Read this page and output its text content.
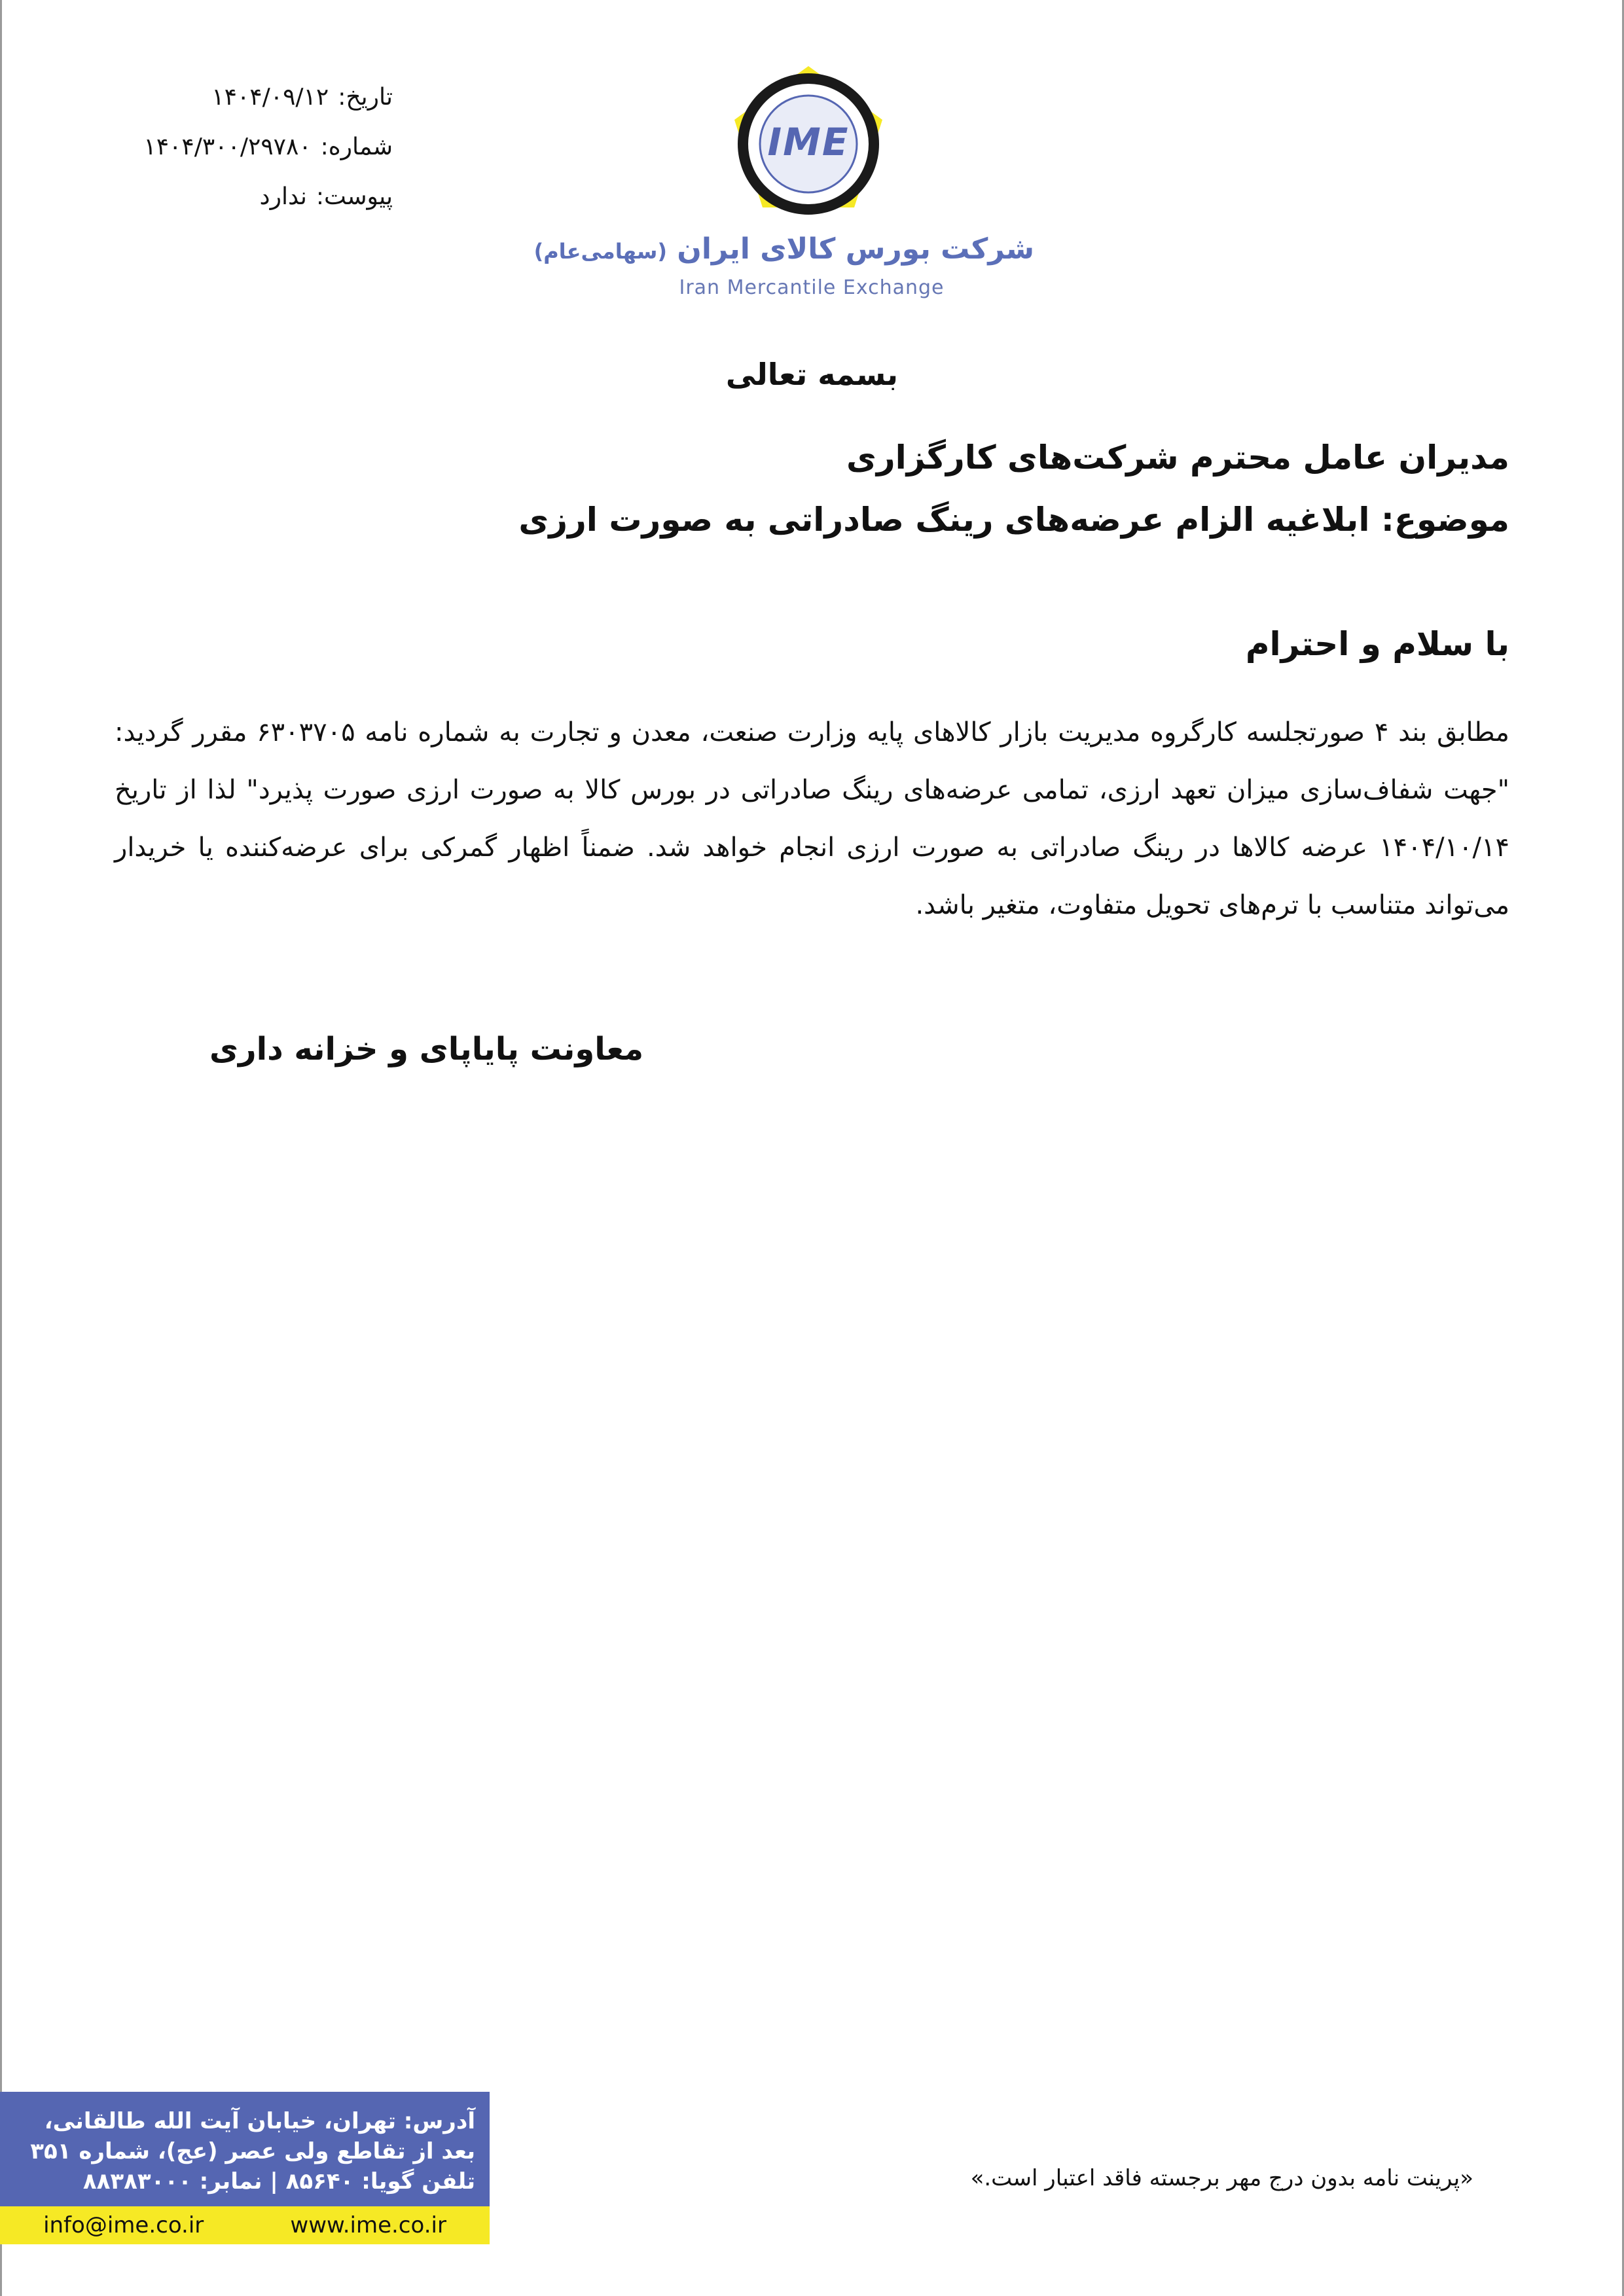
تاریخ:
۱۴۰۴/۰۹/۱۲
شماره:
۱۴۰۴/۳۰۰/۲۹۷۸۰
پیوست:
ندارد
IME
شرکت بورس کالای ایران (سهامی‌عام)
Iran Mercantile Exchange
بسمه تعالی
مدیران عامل محترم شرکت‌های کارگزاری
موضوع: ابلاغیه الزام عرضه‌های رینگ صادراتی به صورت ارزی
با سلام و احترام
مطابق بند ۴ صورتجلسه کارگروه مدیریت بازار کالاهای پایه وزارت صنعت، معدن و تجارت به شماره نامه ۶۳۰۳۷۰۵ مقرر گردید: "جهت شفاف‌سازی میزان تعهد ارزی، تمامی عرضه‌های رینگ صادراتی در بورس کالا به صورت ارزی صورت پذیرد" لذا از تاریخ ۱۴۰۴/۱۰/۱۴ عرضه کالاها در رینگ صادراتی به صورت ارزی انجام خواهد شد. ضمناً اظهار گمرکی برای عرضه‌کننده یا خریدار می‌تواند متناسب با ترم‌های تحویل متفاوت، متغیر باشد.
معاونت پایاپای و خزانه داری
آدرس: تهران، خیابان آیت الله طالقانی،
بعد از تقاطع ولی عصر (عج)، شماره ۳۵۱
تلفن گویا: ۸۵۶۴۰ | نمابر: ۸۸۳۸۳۰۰۰
info@ime.co.ir	www.ime.co.ir
«پرینت نامه بدون درج مهر برجسته فاقد اعتبار است.»
